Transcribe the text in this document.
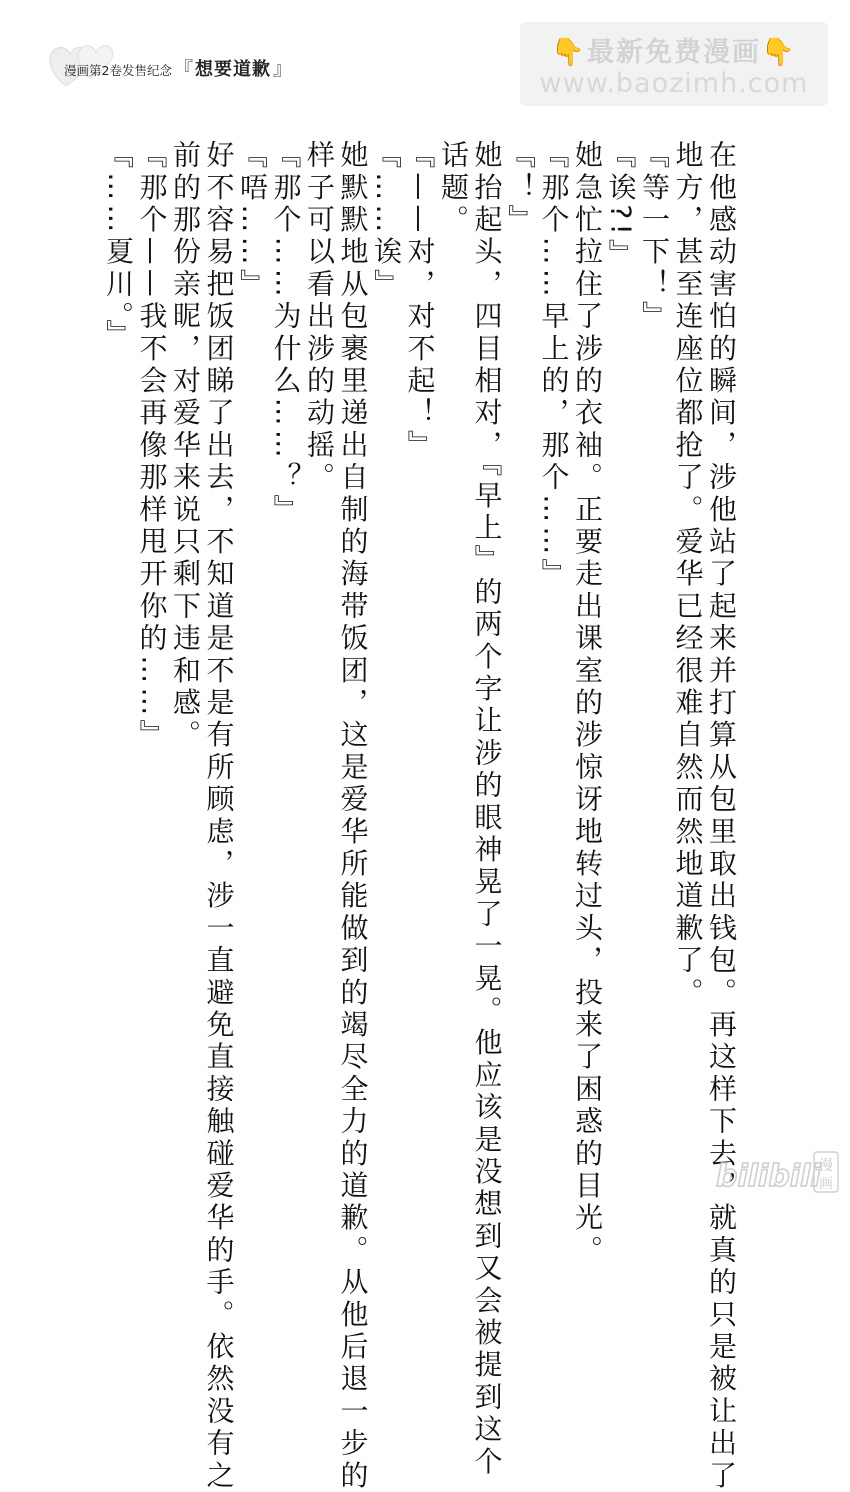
漫画第2卷发售纪念 『 想要道歉 』
👇最新免费漫画👇
www.baozimh.com

在他感动害怕的瞬间，涉他站了起来并打算从包里取出钱包。再这样下去，就真的只是被让出了

地方，甚至连座位都抢了。爱华已经很难自然而然地道歉了。

『等一下！』

『诶?!』

她急忙拉住了涉的衣袖。正要走出课室的涉惊讶地转过头，投来了困惑的目光。

『那个……早上的，那个……』

『！』

她抬起头，四目相对，『早上』的两个字让涉的眼神晃了一晃。他应该是没想到又会被提到这个

话题。

『——对，对不起！』

『……诶』

她默默地从包裹里递出自制的海带饭团，这是爱华所能做到的竭尽全力的道歉。从他后退一步的

样子可以看出涉的动摇。

『那个……为什么……？』

『唔……』

好不容易把饭团睇了出去，不知道是不是有所顾虑，涉一直避免直接触碰爱华的手。依然没有之

前的那份亲昵，对爱华来说只剩下违和感。

『那个——我不会再像那样甩开你的……』

『……夏川。』

bilibili
漫
画
